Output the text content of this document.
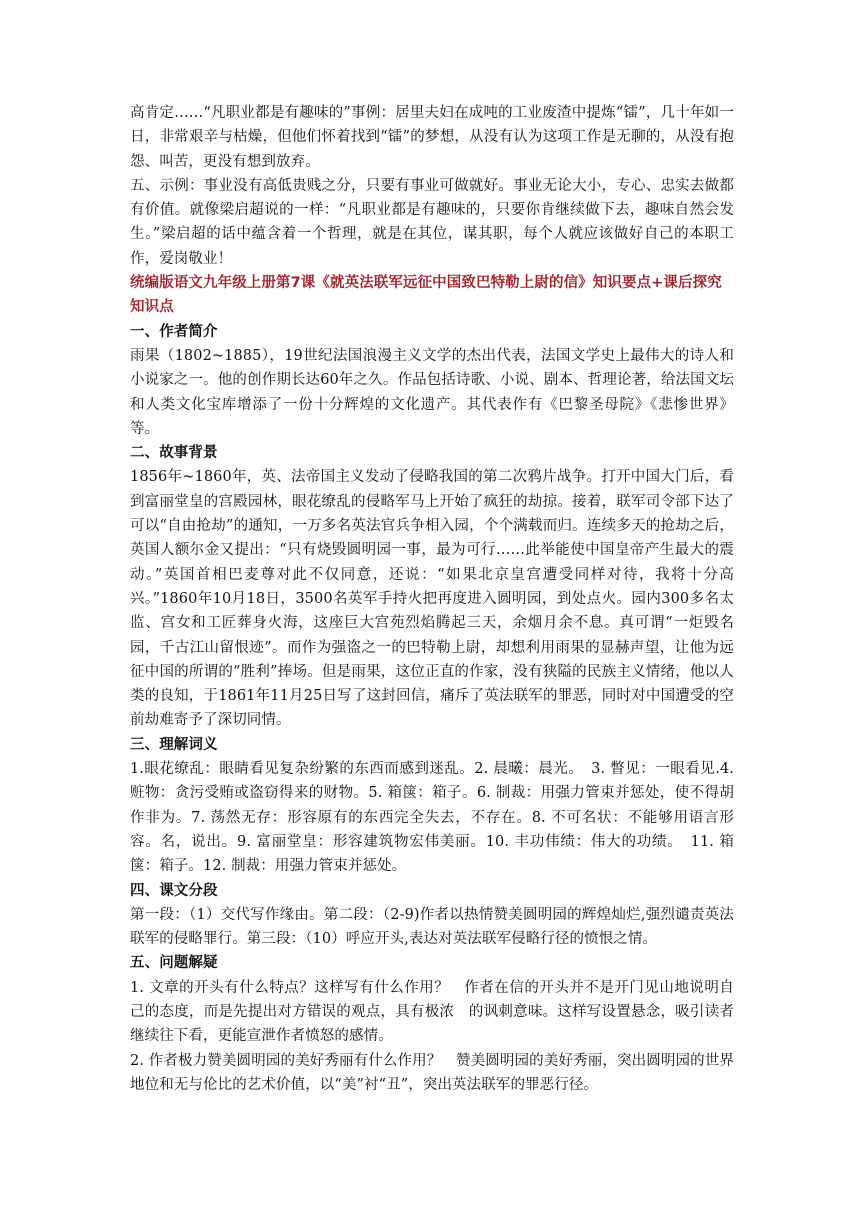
高肯定……“凡职业都是有趣味的”事例：居里夫妇在成吨的工业废渣中提炼“镭”，几十年如一日，非常艰辛与枯燥，但他们怀着找到“镭”的梦想，从没有认为这项工作是无聊的，从没有抱怨、叫苦，更没有想到放弃。

五、示例：事业没有高低贵贱之分，只要有事业可做就好。事业无论大小，专心、忠实去做都有价值。就像梁启超说的一样：“凡职业都是有趣味的，只要你肯继续做下去，趣味自然会发生。”梁启超的话中蕴含着一个哲理，就是在其位，谋其职，每个人就应该做好自己的本职工作，爱岗敬业！

统编版语文九年级上册第7课《就英法联军远征中国致巴特勒上尉的信》知识要点+课后探究

知识点

一、作者简介

雨果（1802~1885），19世纪法国浪漫主义文学的杰出代表，法国文学史上最伟大的诗人和小说家之一。他的创作期长达60年之久。作品包括诗歌、小说、剧本、哲理论著，给法国文坛和人类文化宝库增添了一份十分辉煌的文化遗产。其代表作有《巴黎圣母院》《悲惨世界》等。

二、故事背景

1856年~1860年，英、法帝国主义发动了侵略我国的第二次鸦片战争。打开中国大门后，看到富丽堂皇的宫殿园林，眼花缭乱的侵略军马上开始了疯狂的劫掠。接着，联军司令部下达了可以“自由抢劫”的通知，一万多名英法官兵争相入园，个个满载而归。连续多天的抢劫之后，英国人额尔金又提出：“只有烧毁圆明园一事，最为可行……此举能使中国皇帝产生最大的震动。”英国首相巴麦尊对此不仅同意，还说：“如果北京皇宫遭受同样对待，我将十分高兴。”1860年10月18日，3500名英军手持火把再度进入圆明园，到处点火。园内300多名太监、宫女和工匠葬身火海，这座巨大宫苑烈焰腾起三天，余烟月余不息。真可谓“一炬毁名园，千古江山留恨迹”。而作为强盗之一的巴特勒上尉，却想利用雨果的显赫声望，让他为远征中国的所谓的“胜利”捧场。但是雨果，这位正直的作家，没有狭隘的民族主义情绪，他以人类的良知，于1861年11月25日写了这封回信，痛斥了英法联军的罪恶，同时对中国遭受的空前劫难寄予了深切同情。

三、理解词义

1.眼花缭乱：眼睛看见复杂纷繁的东西而感到迷乱。2. 晨曦：晨光。　3. 瞥见：一眼看见.4. 赃物：贪污受贿或盗窃得来的财物。5. 箱箧：箱子。6. 制裁：用强力管束并惩处，使不得胡作非为。7. 荡然无存：形容原有的东西完全失去，不存在。8. 不可名状：不能够用语言形容。名，说出。9. 富丽堂皇：形容建筑物宏伟美丽。10. 丰功伟绩：伟大的功绩。　11. 箱箧：箱子。12. 制裁：用强力管束并惩处。

四、课文分段

第一段：（1）交代写作缘由。第二段：（2-9)作者以热情赞美圆明园的辉煌灿烂,强烈谴责英法联军的侵略罪行。第三段：（10）呼应开头,表达对英法联军侵略行径的愤恨之情。

五、问题解疑

1. 文章的开头有什么特点？这样写有什么作用？　作者在信的开头并不是开门见山地说明自　己的态度，而是先提出对方错误的观点，具有极浓　的讽刺意味。这样写设置悬念，吸引读者继续往下看，更能宣泄作者愤怒的感情。

2. 作者极力赞美圆明园的美好秀丽有什么作用？　赞美圆明园的美好秀丽，突出圆明园的世界地位和无与伦比的艺术价值，以“美”衬“丑”，突出英法联军的罪恶行径。
